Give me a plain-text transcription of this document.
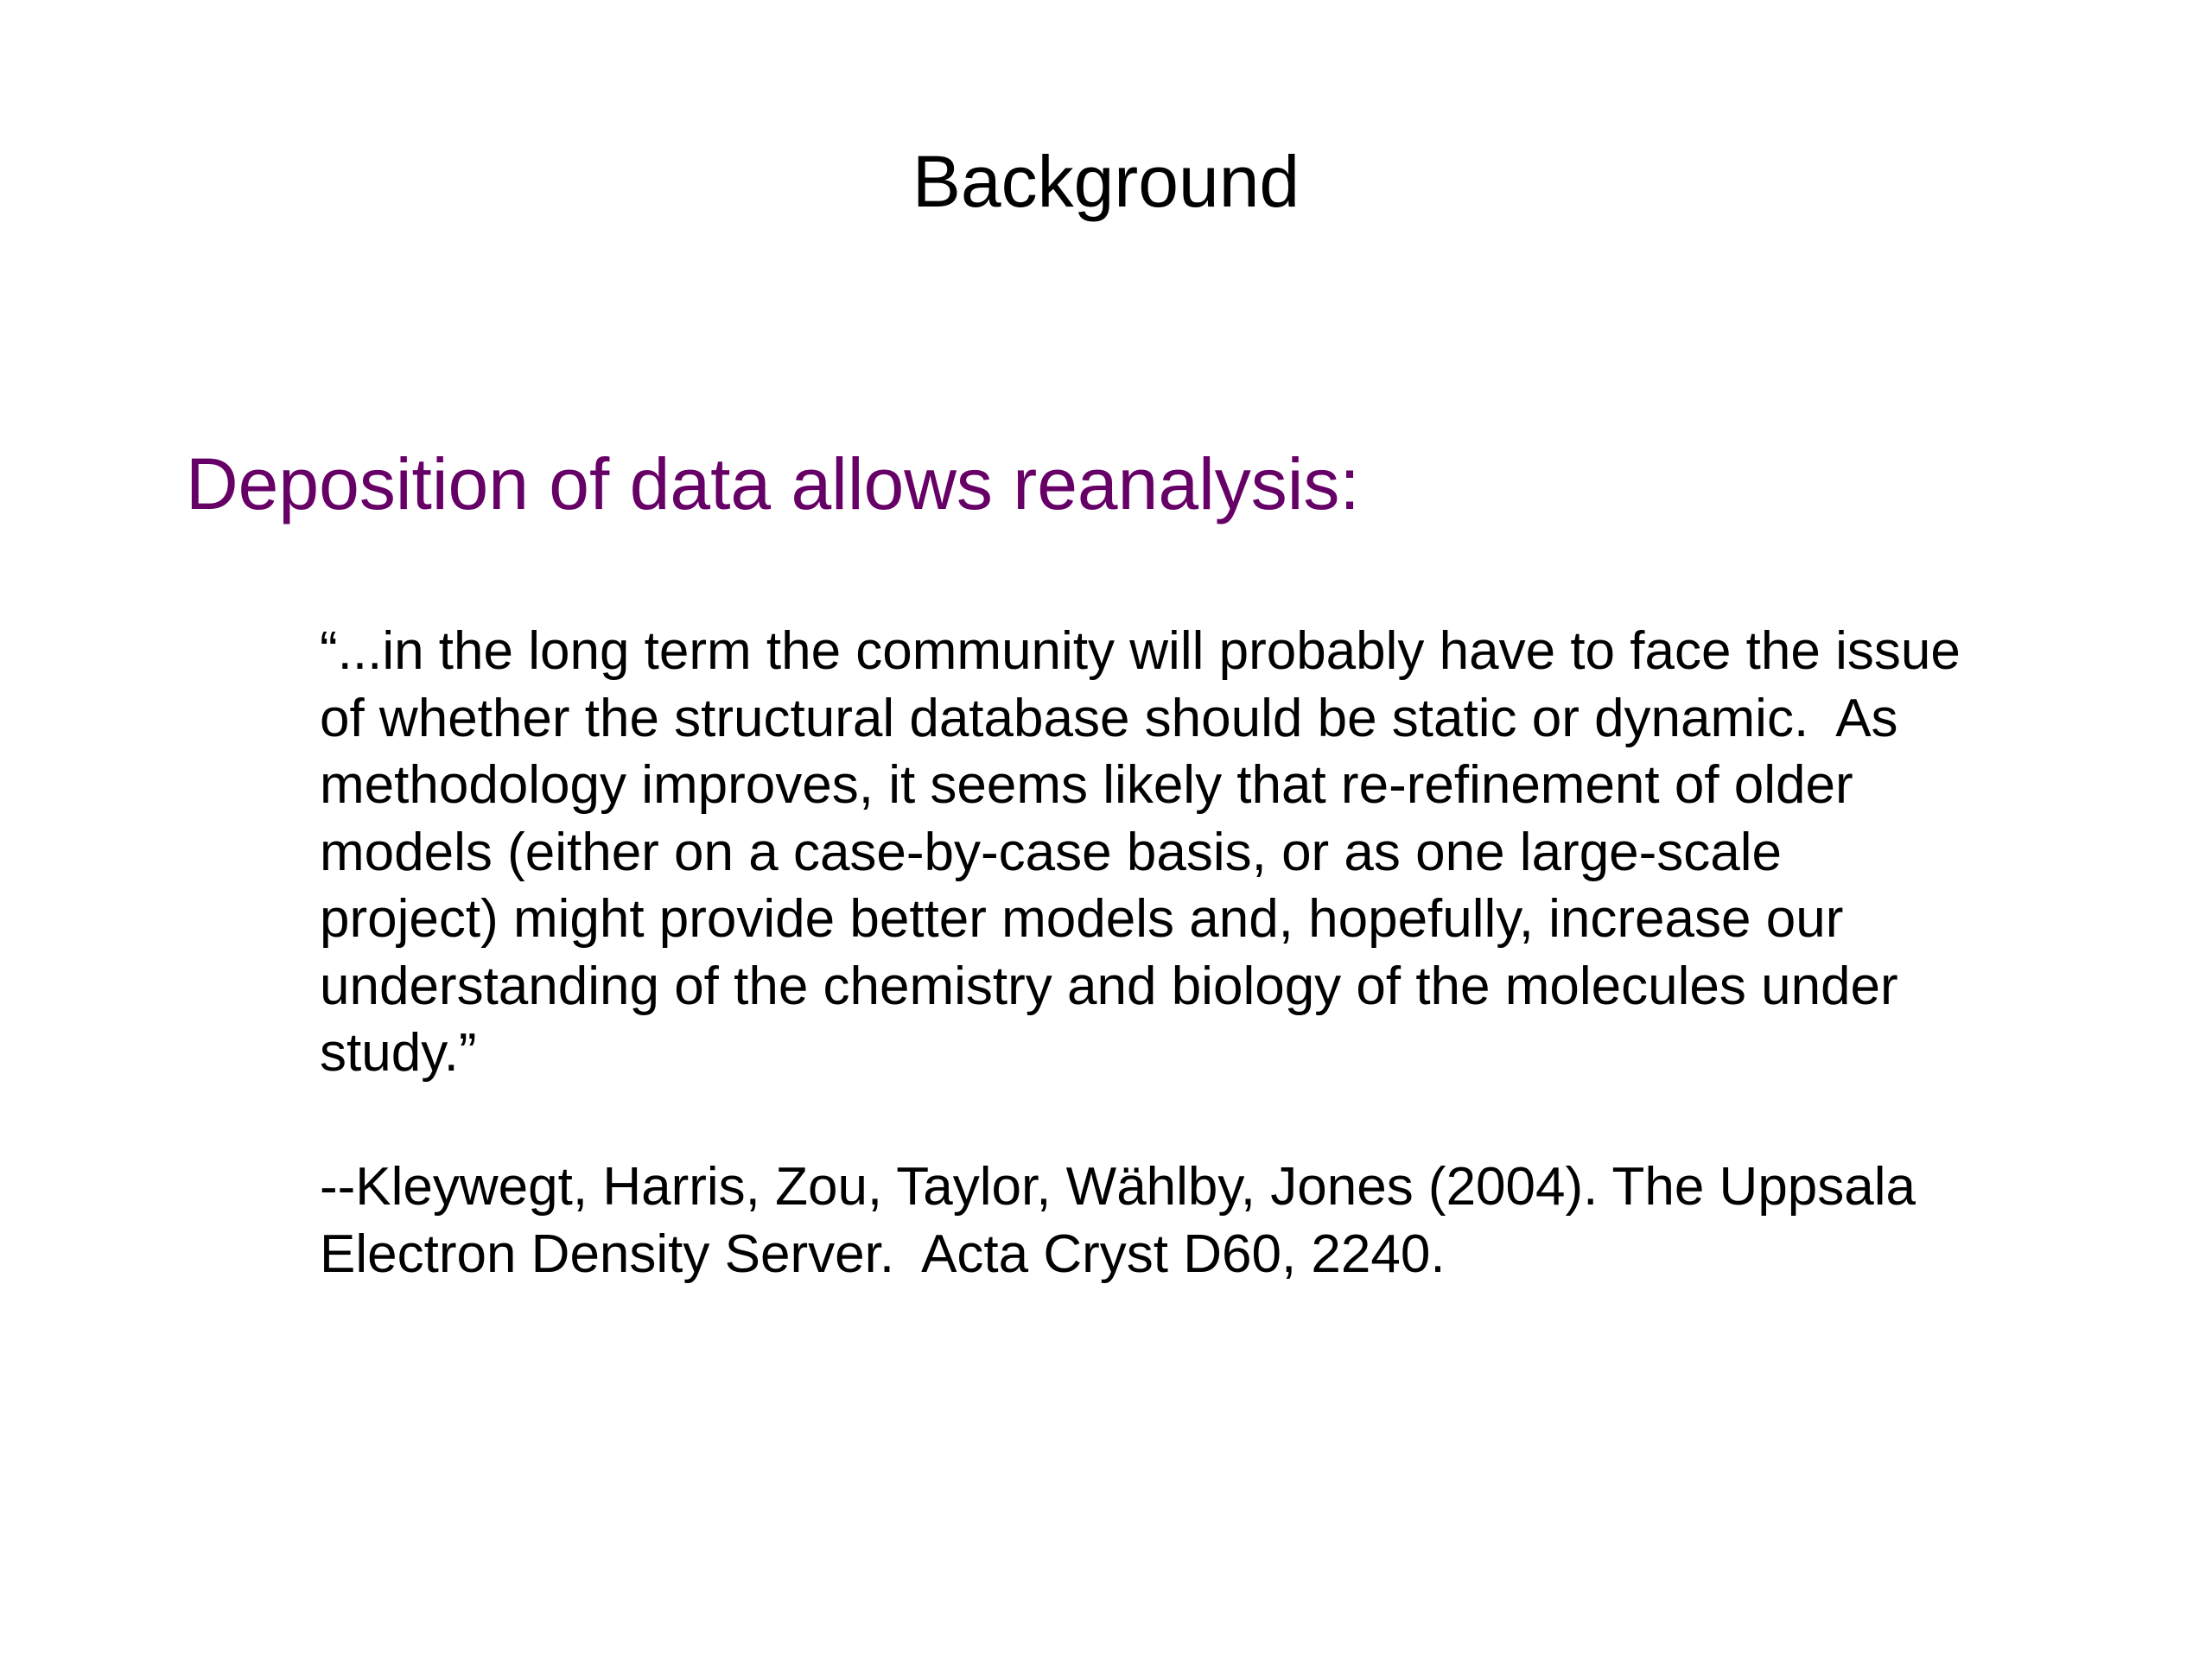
Background
Deposition of data allows reanalysis:
“...in the long term the community will probably have to face the issue
of whether the structural database should be static or dynamic.  As
methodology improves, it seems likely that re-refinement of older
models (either on a case-by-case basis, or as one large-scale
project) might provide better models and, hopefully, increase our
understanding of the chemistry and biology of the molecules under
study.”
--Kleywegt, Harris, Zou, Taylor, Wählby, Jones (2004). The Uppsala
Electron Density Server.  Acta Cryst D60, 2240.
